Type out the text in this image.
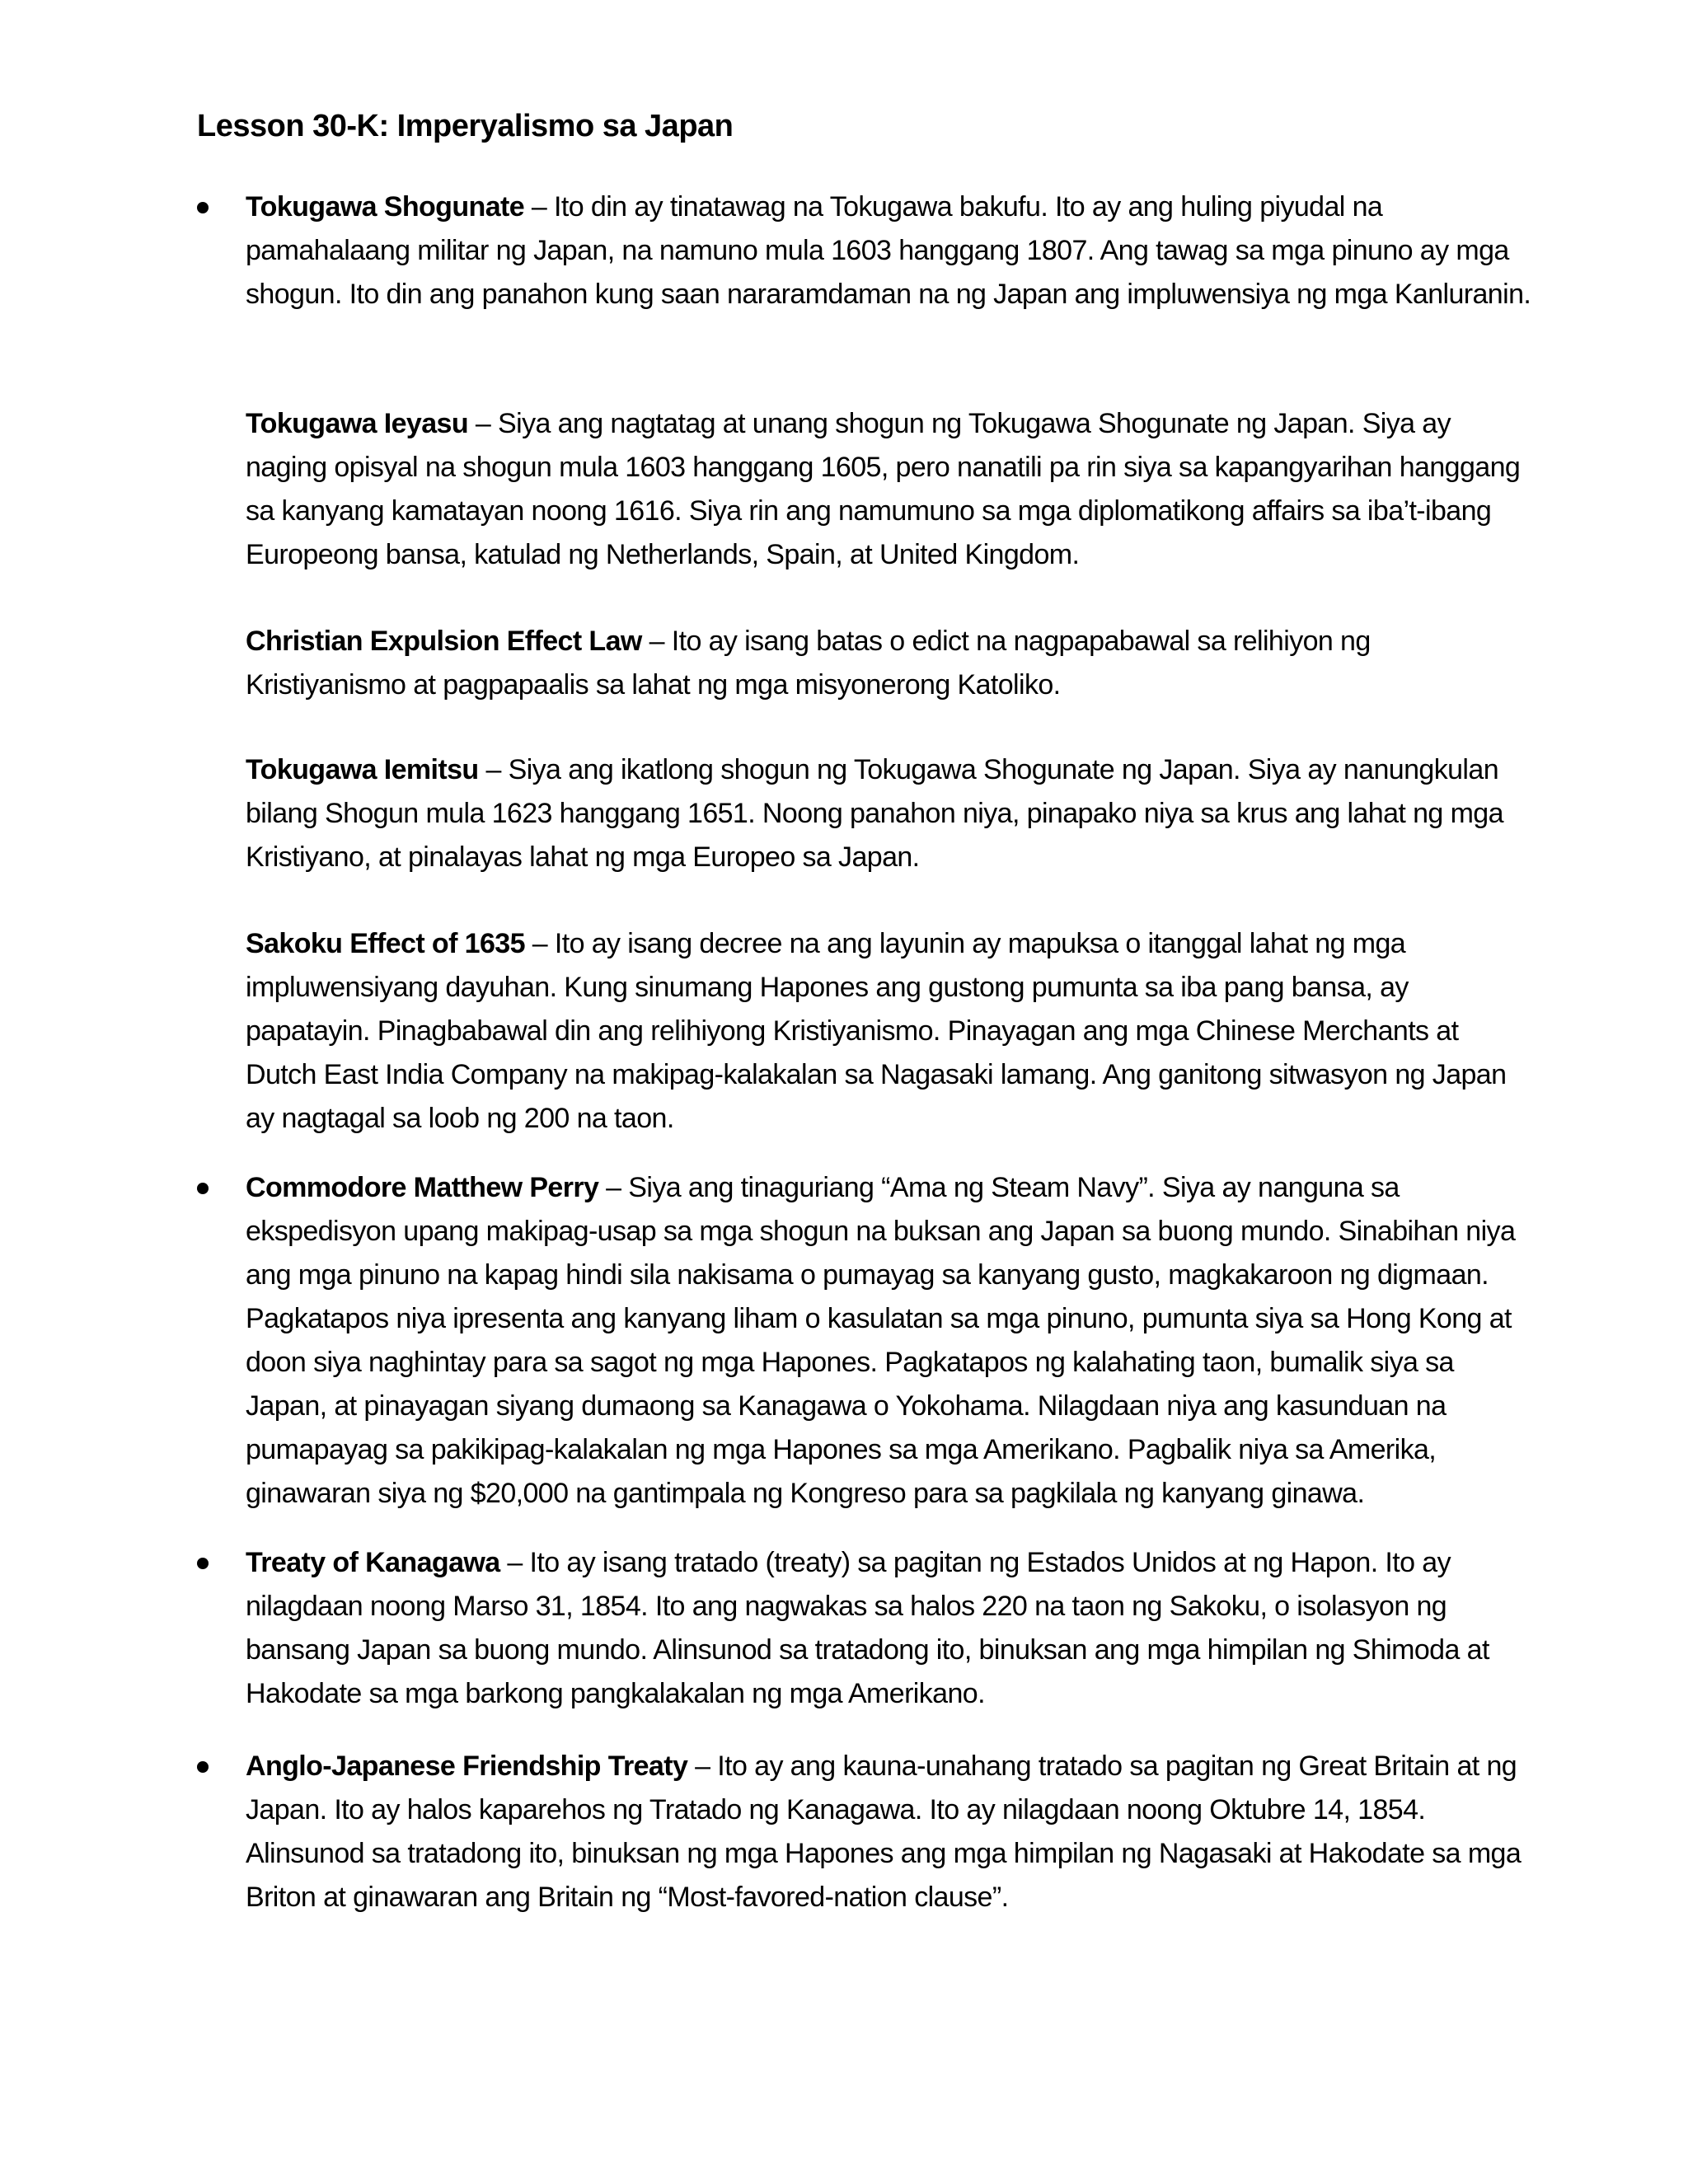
Lesson 30-K: Imperyalismo sa Japan
Tokugawa Shogunate – Ito din ay tinatawag na Tokugawa bakufu. Ito ay ang huling piyudal na pamahalaang militar ng Japan, na namuno mula 1603 hanggang 1807. Ang tawag sa mga pinuno ay mga shogun. Ito din ang panahon kung saan nararamdaman na ng Japan ang impluwensiya ng mga Kanluranin.
Tokugawa Ieyasu – Siya ang nagtatag at unang shogun ng Tokugawa Shogunate ng Japan. Siya ay naging opisyal na shogun mula 1603 hanggang 1605, pero nanatili pa rin siya sa kapangyarihan hanggang sa kanyang kamatayan noong 1616. Siya rin ang namumuno sa mga diplomatikong affairs sa iba’t-ibang Europeong bansa, katulad ng Netherlands, Spain, at United Kingdom.
Christian Expulsion Effect Law – Ito ay isang batas o edict na nagpapabawal sa relihiyon ng Kristiyanismo at pagpapaalis sa lahat ng mga misyonerong Katoliko.
Tokugawa Iemitsu – Siya ang ikatlong shogun ng Tokugawa Shogunate ng Japan. Siya ay nanungkulan bilang Shogun mula 1623 hanggang 1651. Noong panahon niya, pinapako niya sa krus ang lahat ng mga Kristiyano, at pinalayas lahat ng mga Europeo sa Japan.
Sakoku Effect of 1635 – Ito ay isang decree na ang layunin ay mapuksa o itanggal lahat ng mga impluwensiyang dayuhan. Kung sinumang Hapones ang gustong pumunta sa iba pang bansa, ay papatayin. Pinagbabawal din ang relihiyong Kristiyanismo. Pinayagan ang mga Chinese Merchants at Dutch East India Company na makipag-kalakalan sa Nagasaki lamang. Ang ganitong sitwasyon ng Japan ay nagtagal sa loob ng 200 na taon.
Commodore Matthew Perry – Siya ang tinaguriang “Ama ng Steam Navy”. Siya ay nanguna sa ekspedisyon upang makipag-usap sa mga shogun na buksan ang Japan sa buong mundo. Sinabihan niya ang mga pinuno na kapag hindi sila nakisama o pumayag sa kanyang gusto, magkakaroon ng digmaan. Pagkatapos niya ipresenta ang kanyang liham o kasulatan sa mga pinuno, pumunta siya sa Hong Kong at doon siya naghintay para sa sagot ng mga Hapones. Pagkatapos ng kalahating taon, bumalik siya sa Japan, at pinayagan siyang dumaong sa Kanagawa o Yokohama. Nilagdaan niya ang kasunduan na pumapayag sa pakikipag-kalakalan ng mga Hapones sa mga Amerikano. Pagbalik niya sa Amerika, ginawaran siya ng $20,000 na gantimpala ng Kongreso para sa pagkilala ng kanyang ginawa.
Treaty of Kanagawa – Ito ay isang tratado (treaty) sa pagitan ng Estados Unidos at ng Hapon. Ito ay nilagdaan noong Marso 31, 1854. Ito ang nagwakas sa halos 220 na taon ng Sakoku, o isolasyon ng bansang Japan sa buong mundo. Alinsunod sa tratadong ito, binuksan ang mga himpilan ng Shimoda at Hakodate sa mga barkong pangkalakalan ng mga Amerikano.
Anglo-Japanese Friendship Treaty – Ito ay ang kauna-unahang tratado sa pagitan ng Great Britain at ng Japan. Ito ay halos kaparehos ng Tratado ng Kanagawa. Ito ay nilagdaan noong Oktubre 14, 1854. Alinsunod sa tratadong ito, binuksan ng mga Hapones ang mga himpilan ng Nagasaki at Hakodate sa mga Briton at ginawaran ang Britain ng “Most-favored-nation clause”.
